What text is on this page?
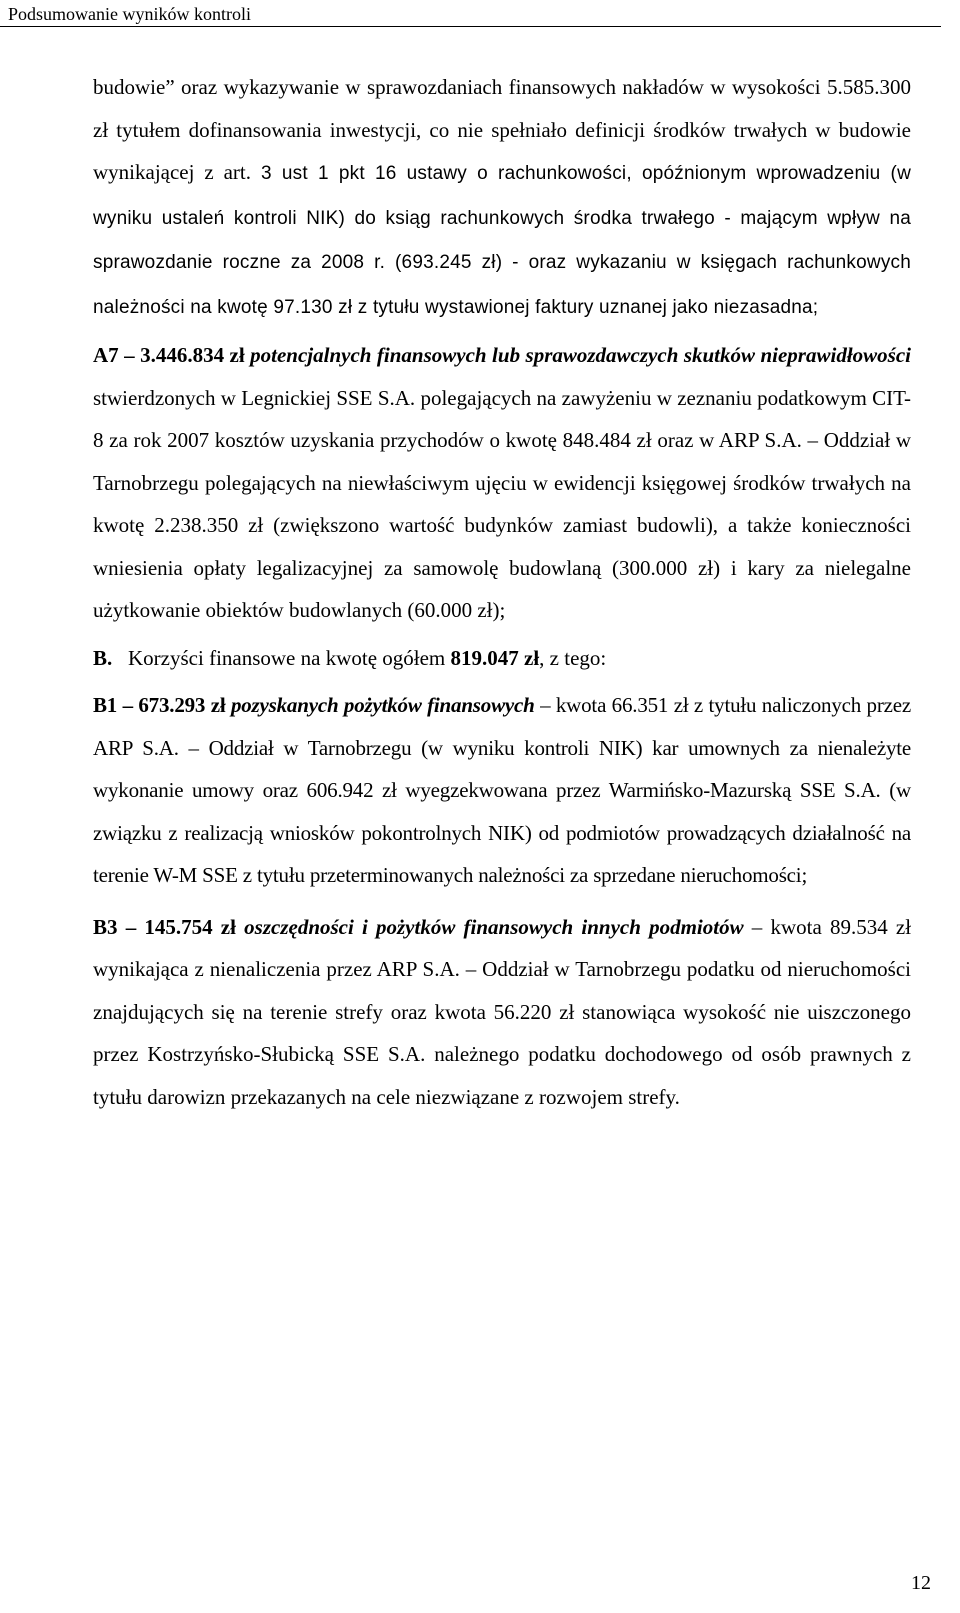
Podsumowanie wyników kontroli

budowie” oraz wykazywanie w sprawozdaniach finansowych nakładów w wysokości 5.585.300 zł tytułem dofinansowania inwestycji, co nie spełniało definicji środków trwałych w budowie wynikającej z art. 3 ust 1 pkt 16 ustawy o rachunkowości, opóźnionym wprowadzeniu (w wyniku ustaleń kontroli NIK) do ksiąg rachunkowych środka trwałego - mającym wpływ na sprawozdanie roczne za 2008 r. (693.245 zł) - oraz wykazaniu w księgach rachunkowych należności na kwotę 97.130 zł z tytułu wystawionej faktury uznanej jako niezasadna;

A7 – 3.446.834 zł potencjalnych finansowych lub sprawozdawczych skutków nieprawidłowości stwierdzonych w Legnickiej SSE S.A. polegających na zawyżeniu w zeznaniu podatkowym CIT-8 za rok 2007 kosztów uzyskania przychodów o kwotę 848.484 zł oraz w ARP S.A. – Oddział w Tarnobrzegu polegających na niewłaściwym ujęciu w ewidencji księgowej środków trwałych na kwotę 2.238.350 zł (zwiększono wartość budynków zamiast budowli), a także konieczności wniesienia opłaty legalizacyjnej za samowolę budowlaną (300.000 zł) i kary za nielegalne użytkowanie obiektów budowlanych (60.000 zł);

B. Korzyści finansowe na kwotę ogółem 819.047 zł, z tego:

B1 – 673.293 zł pozyskanych pożytków finansowych – kwota 66.351 zł z tytułu naliczonych przez ARP S.A. – Oddział w Tarnobrzegu (w wyniku kontroli NIK) kar umownych za nienależyte wykonanie umowy oraz 606.942 zł wyegzekwowana przez Warmińsko-Mazurską SSE S.A. (w związku z realizacją wniosków pokontrolnych NIK) od podmiotów prowadzących działalność na terenie W-M SSE z tytułu przeterminowanych należności za sprzedane nieruchomości;

B3 – 145.754 zł oszczędności i pożytków finansowych innych podmiotów – kwota 89.534 zł wynikająca z nienaliczenia przez ARP S.A. – Oddział w Tarnobrzegu podatku od nieruchomości znajdujących się na terenie strefy oraz kwota 56.220 zł stanowiąca wysokość nie uiszczonego przez Kostrzyńsko-Słubicką SSE S.A. należnego podatku dochodowego od osób prawnych z tytułu darowizn przekazanych na cele niezwiązane z rozwojem strefy.

12
